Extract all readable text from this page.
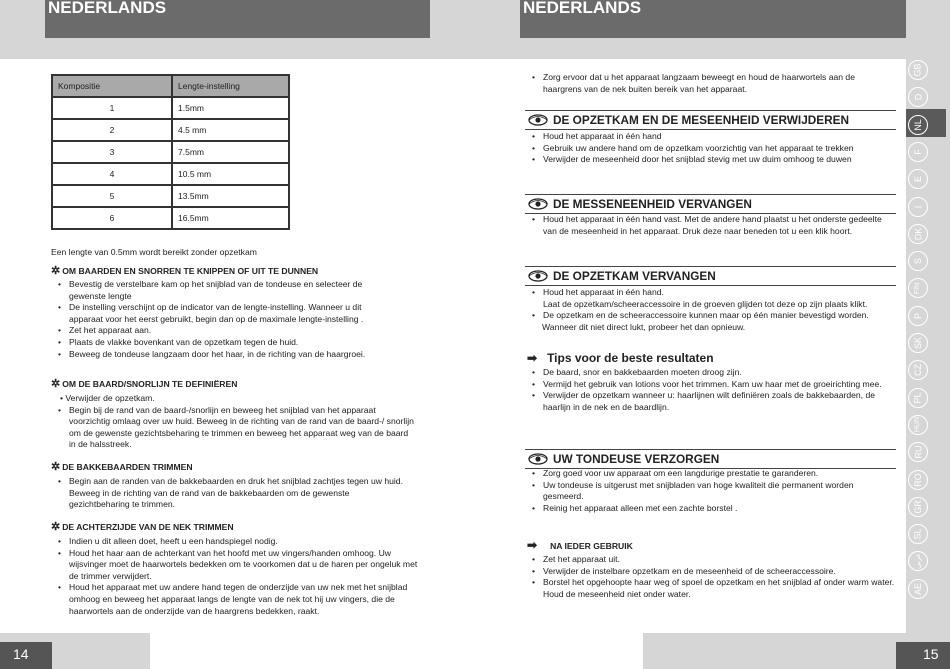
NEDERLANDS	NEDERLANDS
14	15
GB
D
NL
F
E
I
DK
S
FIN
P
SK
CZ
PL
HUN
RU
RO
GR
SL
عربي
AE
Kompositie	Lengte-instelling
1	1.5mm
2	4.5 mm
3	7.5mm
4	10.5 mm
5	13.5mm
6	16.5mm
Een lengte van 0.5mm wordt bereikt zonder opzetkam
✲ OM BAARDEN EN SNORREN TE KNIPPEN OF UIT TE DUNNEN
• Bevestig de verstelbare kam op het snijblad van de tondeuse en selecteer de gewenste lengte
• De instelling verschijnt op de indicator van de lengte-instelling. Wanneer u dit apparaat voor het eerst gebruikt, begin dan op de maximale lengte-instelling .
• Zet het apparaat aan.
• Plaats de vlakke bovenkant van de opzetkam tegen de huid.
• Beweeg de tondeuse langzaam door het haar, in de richting van de haargroei.
✲ OM DE BAARD/SNORLIJN TE DEFINIËREN
• Verwijder de opzetkam.
• Begin bij de rand van de baard-/snorlijn en beweeg het snijblad van het apparaat voorzichtig omlaag over uw huid. Beweeg in de richting van de rand van de baard-/ snorlijn om de gewenste gezichtsbeharing te trimmen en beweeg het apparaat weg van de baard in de halsstreek.
✲ DE BAKKEBAARDEN TRIMMEN
• Begin aan de randen van de bakkebaarden en druk het snijblad zachtjes tegen uw huid. Beweeg in de richting van de rand van de bakkebaarden om de gewenste gezichtbeharing te trimmen.
✲ DE ACHTERZIJDE VAN DE NEK TRIMMEN
• Indien u dit alleen doet, heeft u een handspiegel nodig.
• Houd het haar aan de achterkant van het hoofd met uw vingers/handen omhoog. Uw wijsvinger moet de haarwortels bedekken om te voorkomen dat u de haren per ongeluk met de trimmer verwijdert.
• Houd het apparaat met uw andere hand tegen de onderzijde van uw nek met het snijblad omhoog en beweeg het apparaat langs de lengte van de nek tot hij uw vingers, die de haarwortels aan de onderzijde van de haargrens bedekken, raakt.
• Zorg ervoor dat u het apparaat langzaam beweegt en houd de haarwortels aan de haargrens van de nek buiten bereik van het apparaat.
DE OPZETKAM EN DE MESEENHEID VERWIJDEREN
• Houd het apparaat in één hand
• Gebruik uw andere hand om de opzetkam voorzichtig van het apparaat te trekken
• Verwijder de meseenheid door het snijblad stevig met uw duim omhoog te duwen
DE MESSENEENHEID VERVANGEN
• Houd het apparaat in één hand vast. Met de andere hand plaatst u het onderste gedeelte van de meseenheid in het apparaat. Druk deze naar beneden tot u een klik hoort.
DE OPZETKAM VERVANGEN
• Houd het apparaat in één hand.
Laat de opzetkam/scheeraccessoire in de groeven glijden tot deze op zijn plaats klikt.
• De opzetkam en de scheeraccessoire kunnen maar op één manier bevestigd worden.
Wanneer dit niet direct lukt, probeer het dan opnieuw.
➡ Tips voor de beste resultaten
• De baard, snor en bakkebaarden moeten droog zijn.
• Vermijd het gebruik van lotions voor het trimmen. Kam uw haar met de groeirichting mee.
• Verwijder de opzetkam wanneer u: haarlijnen wilt definiëren zoals de bakkebaarden, de haarlijn in de nek en de baardlijn.
UW TONDEUSE VERZORGEN
• Zorg goed voor uw apparaat om een langdurige prestatie te garanderen.
• Uw tondeuse is uitgerust met snijbladen van hoge kwaliteit die permanent worden gesmeerd.
• Reinig het apparaat alleen met een zachte borstel .
➡ NA IEDER GEBRUIK
• Zet het apparaat uit.
• Verwijder de instelbare opzetkam en de meseenheid of de scheeraccessoire.
• Borstel het opgehoopte haar weg of spoel de opzetkam en het snijblad af onder warm water. Houd de meseenheid niet onder water.
